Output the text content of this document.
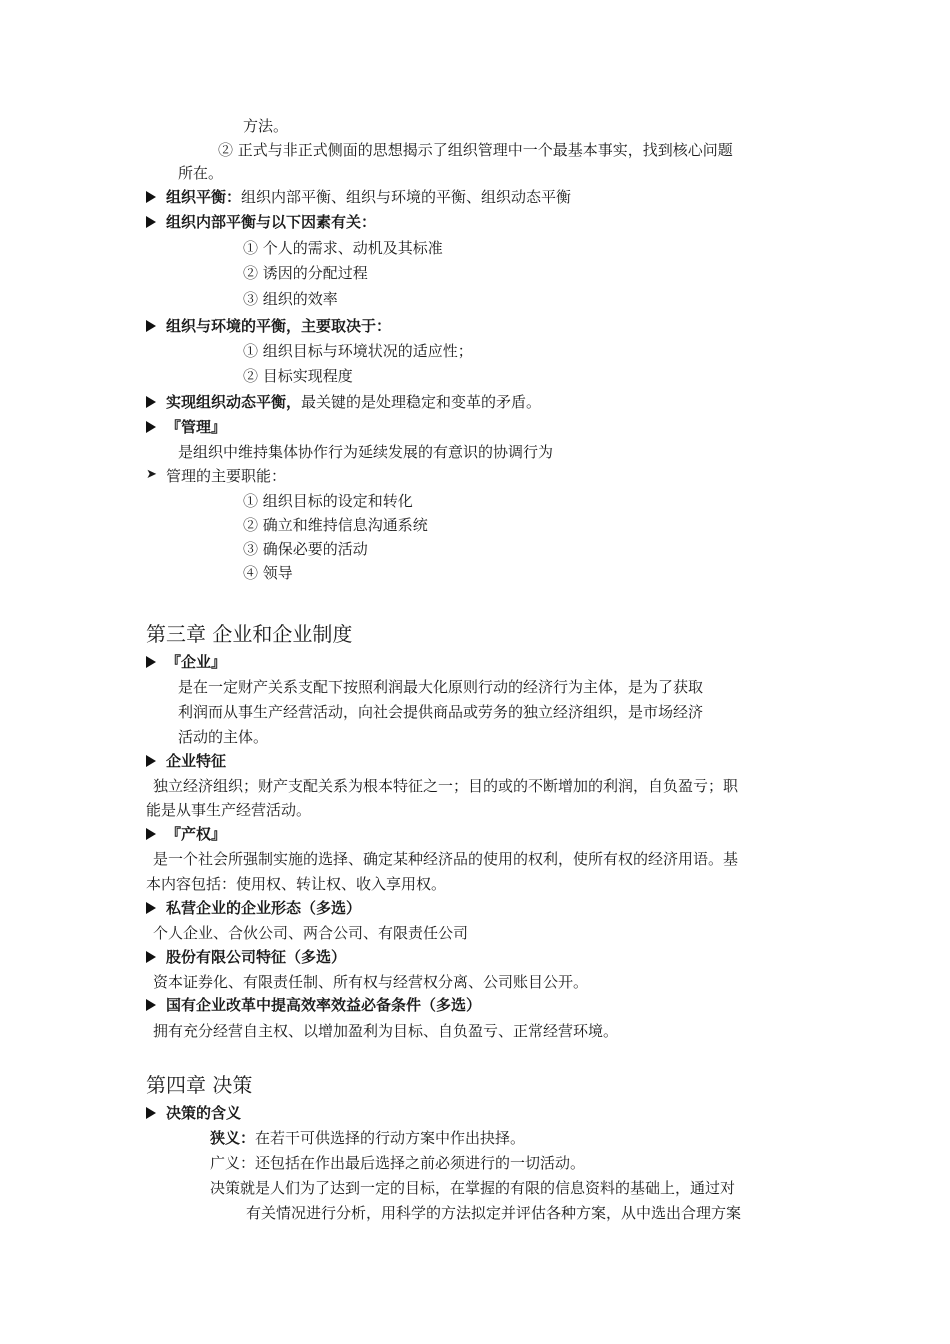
方法。
② 正式与非正式侧面的思想揭示了组织管理中一个最基本事实，找到核心问题
所在。
组织平衡：组织内部平衡、组织与环境的平衡、组织动态平衡
组织内部平衡与以下因素有关：
① 个人的需求、动机及其标准
② 诱因的分配过程
③ 组织的效率
组织与环境的平衡，主要取决于：
① 组织目标与环境状况的适应性；
② 目标实现程度
实现组织动态平衡，最关键的是处理稳定和变革的矛盾。
『管理』
是组织中维持集体协作行为延续发展的有意识的协调行为
➤ 管理的主要职能：
① 组织目标的设定和转化
② 确立和维持信息沟通系统
③ 确保必要的活动
④ 领导
第三章 企业和企业制度
『企业』
是在一定财产关系支配下按照利润最大化原则行动的经济行为主体，是为了获取
利润而从事生产经营活动，向社会提供商品或劳务的独立经济组织，是市场经济
活动的主体。
企业特征
独立经济组织；财产支配关系为根本特征之一；目的或的不断增加的利润，自负盈亏；职
能是从事生产经营活动。
『产权』
是一个社会所强制实施的选择、确定某种经济品的使用的权利，使所有权的经济用语。基
本内容包括：使用权、转让权、收入享用权。
私营企业的企业形态（多选）
个人企业、合伙公司、两合公司、有限责任公司
股份有限公司特征（多选）
资本证券化、有限责任制、所有权与经营权分离、公司账目公开。
国有企业改革中提高效率效益必备条件（多选）
拥有充分经营自主权、以增加盈利为目标、自负盈亏、正常经营环境。
第四章 决策
决策的含义
狭义：在若干可供选择的行动方案中作出抉择。
广义：还包括在作出最后选择之前必须进行的一切活动。
决策就是人们为了达到一定的目标，在掌握的有限的信息资料的基础上，通过对
有关情况进行分析，用科学的方法拟定并评估各种方案，从中选出合理方案
